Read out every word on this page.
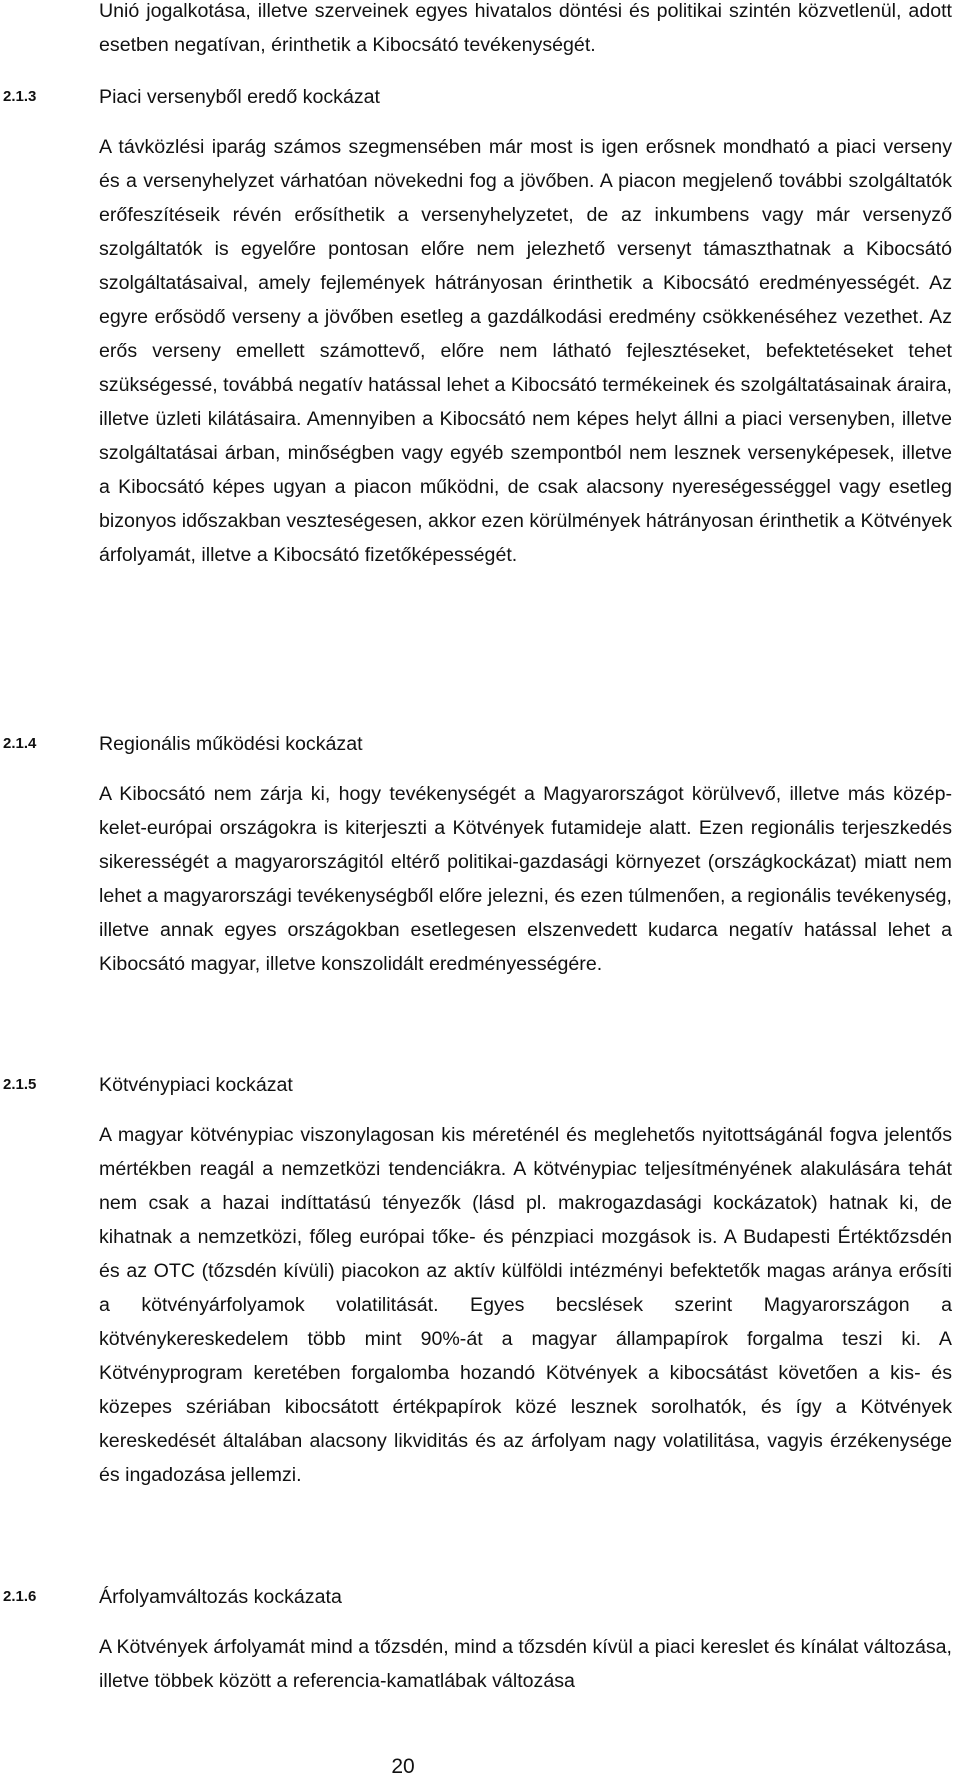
Unió jogalkotása, illetve szerveinek egyes hivatalos döntési és politikai szintén közvetlenül, adott esetben negatívan, érinthetik a Kibocsátó tevékenységét.

2.1.3	Piaci versenyből eredő kockázat

A távközlési iparág számos szegmensében már most is igen erősnek mondható a piaci verseny és a versenyhelyzet várhatóan növekedni fog a jövőben. A piacon megjelenő további szolgáltatók erőfeszítéseik révén erősíthetik a versenyhelyzetet, de az inkumbens vagy már versenyző szolgáltatók is egyelőre pontosan előre nem jelezhető versenyt támaszthatnak a Kibocsátó szolgáltatásaival, amely fejlemények hátrányosan érinthetik a Kibocsátó eredményességét. Az egyre erősödő verseny a jövőben esetleg a gazdálkodási eredmény csökkenéséhez vezethet. Az erős verseny emellett számottevő, előre nem látható fejlesztéseket, befektetéseket tehet szükségessé, továbbá negatív hatással lehet a Kibocsátó termékeinek és szolgáltatásainak áraira, illetve üzleti kilátásaira. Amennyiben a Kibocsátó nem képes helyt állni a piaci versenyben, illetve szolgáltatásai árban, minőségben vagy egyéb szempontból nem lesznek versenyképesek, illetve a Kibocsátó képes ugyan a piacon működni, de csak alacsony nyereségességgel vagy esetleg bizonyos időszakban veszteségesen, akkor ezen körülmények hátrányosan érinthetik a Kötvények árfolyamát, illetve a Kibocsátó fizetőképességét.

2.1.4	Regionális működési kockázat

A Kibocsátó nem zárja ki, hogy tevékenységét a Magyarországot körülvevő, illetve más közép-kelet-európai országokra is kiterjeszti a Kötvények futamideje alatt. Ezen regionális terjeszkedés sikerességét a magyarországitól eltérő politikai-gazdasági környezet (országkockázat) miatt nem lehet a magyarországi tevékenységből előre jelezni, és ezen túlmenően, a regionális tevékenység, illetve annak egyes országokban esetlegesen elszenvedett kudarca negatív hatással lehet a Kibocsátó magyar, illetve konszolidált eredményességére.

2.1.5	Kötvénypiaci kockázat

A magyar kötvénypiac viszonylagosan kis méreténél és meglehetős nyitottságánál fogva jelentős mértékben reagál a nemzetközi tendenciákra. A kötvénypiac teljesítményének alakulására tehát nem csak a hazai indíttatású tényezők (lásd pl. makrogazdasági kockázatok) hatnak ki, de kihatnak a nemzetközi, főleg európai tőke- és pénzpiaci mozgások is. A Budapesti Értéktőzsdén és az OTC (tőzsdén kívüli) piacokon az aktív külföldi intézményi befektetők magas aránya erősíti a kötvényárfolyamok volatilitását. Egyes becslések szerint Magyarországon a kötvénykereskedelem több mint 90%-át a magyar állampapírok forgalma teszi ki. A Kötvényprogram keretében forgalomba hozandó Kötvények a kibocsátást követően a kis- és közepes szériában kibocsátott értékpapírok közé lesznek sorolhatók, és így a Kötvények kereskedését általában alacsony likviditás és az árfolyam nagy volatilitása, vagyis érzékenysége és ingadozása jellemzi.

2.1.6	Árfolyamváltozás kockázata

A Kötvények árfolyamát mind a tőzsdén, mind a tőzsdén kívül a piaci kereslet és kínálat változása, illetve többek között a referencia-kamatlábak változása

20
